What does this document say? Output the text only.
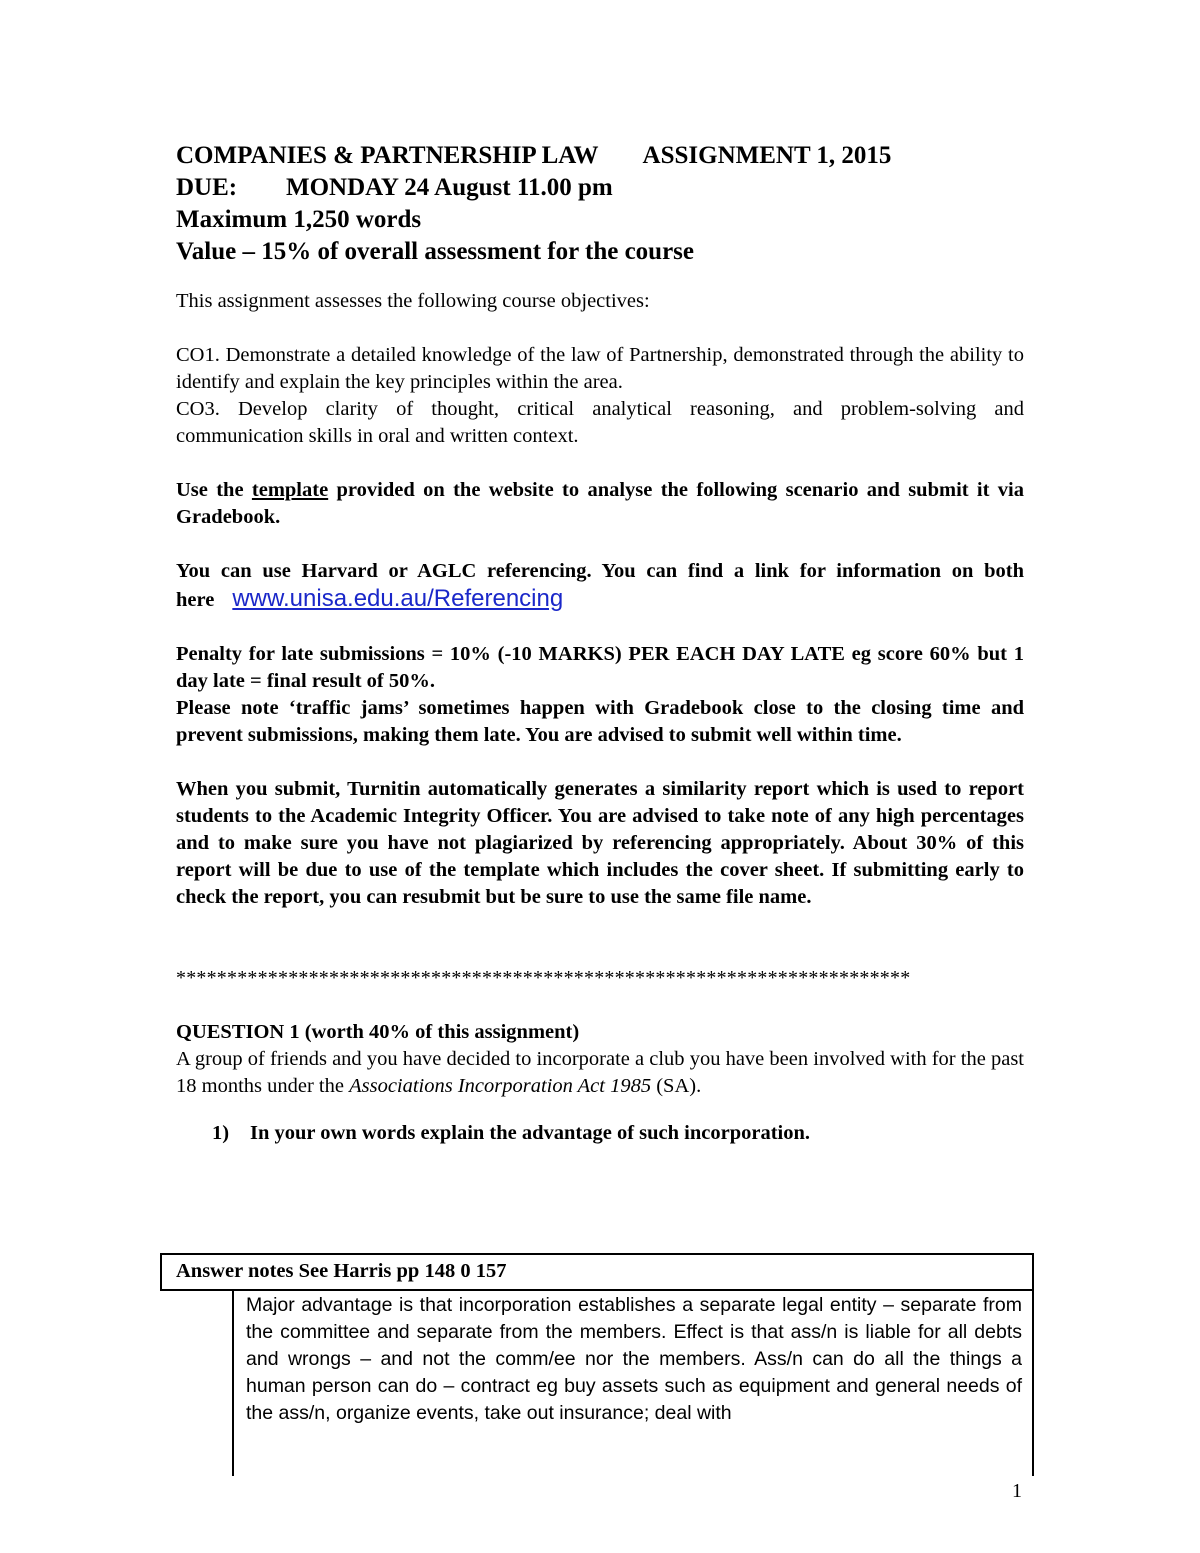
COMPANIES & PARTNERSHIP LAW ASSIGNMENT 1, 2015

DUE: MONDAY 24 August 11.00 pm

Maximum 1,250 words

Value – 15% of overall assessment for the course

This assignment assesses the following course objectives:

CO1. Demonstrate a detailed knowledge of the law of Partnership, demonstrated through the ability to identify and explain the key principles within the area.

CO3. Develop clarity of thought, critical analytical reasoning, and problem-solving and communication skills in oral and written context.

Use the template provided on the website to analyse the following scenario and submit it via Gradebook.

You can use Harvard or AGLC referencing. You can find a link for information on both here www.unisa.edu.au/Referencing

Penalty for late submissions = 10% (-10 MARKS) PER EACH DAY LATE eg score 60% but 1 day late = final result of 50%.

Please note ‘traffic jams’ sometimes happen with Gradebook close to the closing time and prevent submissions, making them late. You are advised to submit well within time.

When you submit, Turnitin automatically generates a similarity report which is used to report students to the Academic Integrity Officer. You are advised to take note of any high percentages and to make sure you have not plagiarized by referencing appropriately. About 30% of this report will be due to use of the template which includes the cover sheet. If submitting early to check the report, you can resubmit but be sure to use the same file name.

************************************************************************

QUESTION 1 (worth 40% of this assignment)

A group of friends and you have decided to incorporate a club you have been involved with for the past 18 months under the Associations Incorporation Act 1985 (SA).

1) In your own words explain the advantage of such incorporation.

Answer notes See Harris pp 148 0 157

Major advantage is that incorporation establishes a separate legal entity – separate from the committee and separate from the members. Effect is that ass/n is liable for all debts and wrongs – and not the comm/ee nor the members. Ass/n can do all the things a human person can do – contract eg buy assets such as equipment and general needs of the ass/n, organize events, take out insurance; deal with

1
